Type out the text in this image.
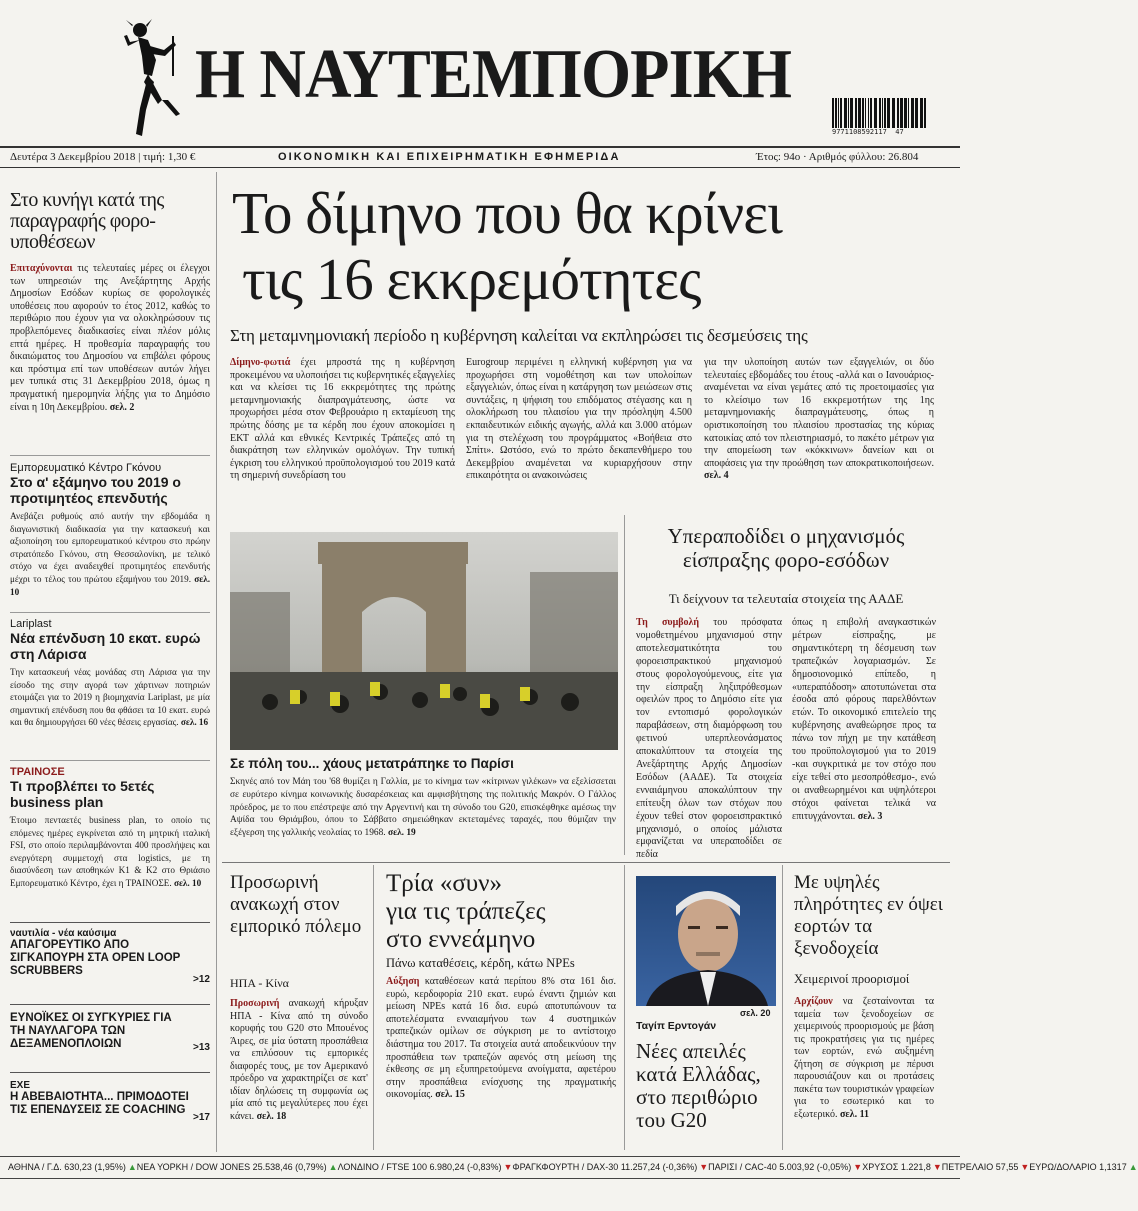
Η ΝΑΥΤΕΜΠΟΡΙΚΗ
9771108592117 47
Δευτέρα 3 Δεκεμβρίου 2018 | τιμή: 1,30 €	ΟΙΚΟΝΟΜΙΚΗ ΚΑΙ ΕΠΙΧΕΙΡΗΜΑΤΙΚΗ ΕΦΗΜΕΡΙΔΑ	Έτος: 94ο · Αριθμός φύλλου: 26.804
Στο κυνήγι κατά της παραγραφής φορο-υποθέσεων

Επιταχύνονται τις τελευταίες μέρες οι έλεγχοι των υπηρεσιών της Ανεξάρτητης Αρχής Δημοσίων Εσόδων κυρίως σε φορολογικές υποθέσεις που αφορούν το έτος 2012, καθώς το περιθώριο που έχουν για να ολοκληρώσουν τις προβλεπόμενες διαδικασίες είναι πλέον μόλις επτά ημέρες. Η προθεσμία παραγραφής του δικαιώματος του Δημοσίου να επιβάλει φόρους και πρόστιμα επί των υποθέσεων αυτών λήγει μεν τυπικά στις 31 Δεκεμβρίου 2018, όμως η πραγματική ημερομηνία λήξης για το Δημόσιο είναι η 10η Δεκεμβρίου. σελ. 2

Εμπορευματικό Κέντρο Γκόνου
Στο α' εξάμηνο του 2019 ο προτιμητέος επενδυτής

Ανεβάζει ρυθμούς από αυτήν την εβδομάδα η διαγωνιστική διαδικασία για την κατασκευή και αξιοποίηση του εμπορευματικού κέντρου στο πρώην στρατόπεδο Γκόνου, στη Θεσσαλονίκη, με τελικό στόχο να έχει αναδειχθεί προτιμητέος επενδυτής μέχρι το τέλος του πρώτου εξαμήνου του 2019. σελ. 10

Lariplast
Νέα επένδυση 10 εκατ. ευρώ στη Λάρισα

Την κατασκευή νέας μονάδας στη Λάρισα για την είσοδο της στην αγορά των χάρτινων ποτηριών ετοιμάζει για το 2019 η βιομηχανία Lariplast, με μία σημαντική επένδυση που θα φθάσει τα 10 εκατ. ευρώ και θα δημιουργήσει 60 νέες θέσεις εργασίας. σελ. 16

ΤΡΑΙΝΟΣΕ
Τι προβλέπει το 5ετές business plan

Έτοιμο πενταετές business plan, το οποίο τις επόμενες ημέρες εγκρίνεται από τη μητρική ιταλική FSI, στο οποίο περιλαμβάνονται 400 προσλήψεις και ενεργότερη συμμετοχή στα logistics, με τη διασύνδεση των αποθηκών Κ1 & Κ2 στο Θριάσιο Εμπορευματικό Κέντρο, έχει η ΤΡΑΙΝΟΣΕ. σελ. 10

ναυτιλία - νέα καύσιμα
ΑΠΑΓΟΡΕΥΤΙΚΟ ΑΠΟ ΣΙΓΚΑΠΟΥΡΗ ΣΤΑ OPEN LOOP SCRUBBERS
>12
ΕΥΝΟΪΚΕΣ ΟΙ ΣΥΓΚΥΡΙΕΣ ΓΙΑ ΤΗ ΝΑΥΛΑΓΟΡΑ ΤΩΝ ΔΕΞΑΜΕΝΟΠΛΟΙΩΝ	>13
ΕΧΕ
Η ΑΒΕΒΑΙΟΤΗΤΑ... ΠΡΙΜΟΔΟΤΕΙ ΤΙΣ ΕΠΕΝΔΥΣΕΙΣ ΣΕ COACHING
>17
Το δίμηνο που θα κρίνει
τις 16 εκκρεμότητες
Στη μεταμνημονιακή περίοδο η κυβέρνηση καλείται να εκπληρώσει τις δεσμεύσεις της

Δίμηνο-φωτιά έχει μπροστά της η κυβέρνηση προκειμένου να υλοποιήσει τις κυβερνητικές εξαγγελίες και να κλείσει τις 16 εκκρεμότητες της πρώτης μεταμνημονιακής διαπραγμάτευσης, ώστε να προχωρήσει μέσα στον Φεβρουάριο η εκταμίευση της πρώτης δόσης με τα κέρδη που έχουν αποκομίσει η ΕΚΤ αλλά και εθνικές Κεντρικές Τράπεζες από τη διακράτηση των ελληνικών ομολόγων. Την τυπική έγκριση του ελληνικού προϋπολογισμού του 2019 κατά τη σημερινή συνεδρίαση του

Eurogroup περιμένει η ελληνική κυβέρνηση για να προχωρήσει στη νομοθέτηση και των υπολοίπων εξαγγελιών, όπως είναι η κατάργηση των μειώσεων στις συντάξεις, η ψήφιση του επιδόματος στέγασης και η ολοκλήρωση του πλαισίου για την πρόσληψη 4.500 εκπαιδευτικών ειδικής αγωγής, αλλά και 3.000 ατόμων για τη στελέχωση του προγράμματος «Βοήθεια στο Σπίτι». Ωστόσο, ενώ το πρώτο δεκαπενθήμερο του Δεκεμβρίου αναμένεται να κυριαρχήσουν στην επικαιρότητα οι ανακοινώσεις

για την υλοποίηση αυτών των εξαγγελιών, οι δύο τελευταίες εβδομάδες του έτους -αλλά και ο Ιανουάριος- αναμένεται να είναι γεμάτες από τις προετοιμασίες για το κλείσιμο των 16 εκκρεμοτήτων της 1ης μεταμνημονιακής διαπραγμάτευσης, όπως η οριστικοποίηση του πλαισίου προστασίας της κύριας κατοικίας από τον πλειστηριασμό, το πακέτο μέτρων για την απομείωση των «κόκκινων» δανείων και οι αποφάσεις για την προώθηση των αποκρατικοποιήσεων. σελ. 4

Σε πόλη του... χάους μετατράπηκε το Παρίσι

Σκηνές από τον Μάη του '68 θυμίζει η Γαλλία, με το κίνημα των «κίτρινων γιλέκων» να εξελίσσεται σε ευρύτερο κίνημα κοινωνικής δυσαρέσκειας και αμφισβήτησης της πολιτικής Μακρόν. Ο Γάλλος πρόεδρος, με το που επέστρεψε από την Αργεντινή και τη σύνοδο του G20, επισκέφθηκε αμέσως την Αψίδα του Θριάμβου, όπου το Σάββατο σημειώθηκαν εκτεταμένες ταραχές, που θύμιζαν την εξέγερση της γαλλικής νεολαίας το 1968. σελ. 19

Υπεραποδίδει ο μηχανισμός
είσπραξης φορο-εσόδων
Τι δείχνουν τα τελευταία στοιχεία της ΑΑΔΕ

Τη συμβολή του πρόσφατα νομοθετημένου μηχανισμού στην αποτελεσματικότητα του φοροεισπρακτικού μηχανισμού στους φορολογούμενους, είτε για την είσπραξη ληξιπρόθεσμων οφειλών προς το Δημόσιο είτε για τον εντοπισμό φορολογικών παραβάσεων, στη διαμόρφωση του φετινού υπερπλεονάσματος αποκαλύπτουν τα στοιχεία της Ανεξάρτητης Αρχής Δημοσίων Εσόδων (ΑΑΔΕ). Τα στοιχεία ενναιάμηνου αποκαλύπτουν την επίτευξη όλων των στόχων που έχουν τεθεί στον φοροεισπρακτικό μηχανισμό, ο οποίος μάλιστα εμφανίζεται να υπεραποδίδει σε πεδία

όπως η επιβολή αναγκαστικών μέτρων είσπραξης, με σημαντικότερη τη δέσμευση των τραπεζικών λογαριασμών. Σε δημοσιονομικό επίπεδο, η «υπεραπόδοση» αποτυπώνεται στα έσοδα από φόρους παρελθόντων ετών. Το οικονομικό επιτελείο της κυβέρνησης αναθεώρησε προς τα πάνω τον πήχη με την κατάθεση του προϋπολογισμού για το 2019 -και συγκριτικά με τον στόχο που είχε τεθεί στο μεσοπρόθεσμο-, ενώ οι αναθεωρημένοι και υψηλότεροι στόχοι φαίνεται τελικά να επιτυγχάνονται. σελ. 3

Προσωρινή ανακωχή στον εμπορικό πόλεμο
ΗΠΑ - Κίνα

Προσωρινή ανακωχή κήρυξαν ΗΠΑ - Κίνα από τη σύνοδο κορυφής του G20 στο Μπουένος Άιρες, σε μία ύστατη προσπάθεια να επιλύσουν τις εμπορικές διαφορές τους, με τον Αμερικανό πρόεδρο να χαρακτηρίζει σε κατ' ιδίαν δηλώσεις τη συμφωνία ως μία από τις μεγαλύτερες που έχει κάνει. σελ. 18

Τρία «συν»
για τις τράπεζες
στο εννεάμηνο
Πάνω καταθέσεις, κέρδη, κάτω NPEs

Αύξηση καταθέσεων κατά περίπου 8% στα 161 δισ. ευρώ, κερδοφορία 210 εκατ. ευρώ έναντι ζημιών και μείωση NPEs κατά 16 δισ. ευρώ αποτυπώνουν τα αποτελέσματα ενναιαμήνου των 4 συστημικών τραπεζικών ομίλων σε σύγκριση με το αντίστοιχο διάστημα του 2017. Τα στοιχεία αυτά αποδεικνύουν την προσπάθεια των τραπεζών αφενός στη μείωση της έκθεσης σε μη εξυπηρετούμενα ανοίγματα, αφετέρου στην προσπάθεια ενίσχυσης της πραγματικής οικονομίας. σελ. 15

σελ. 20
Ταγίπ Ερντογάν
Νέες απειλές κατά Ελλάδας, στο περιθώριο του G20
Με υψηλές πληρότητες εν όψει εορτών τα ξενοδοχεία
Χειμερινοί προορισμοί

Αρχίζουν να ζεσταίνονται τα ταμεία των ξενοδοχείων σε χειμερινούς προορισμούς με βάση τις προκρατήσεις για τις ημέρες των εορτών, ενώ αυξημένη ζήτηση σε σύγκριση με πέρυσι παρουσιάζουν και οι προτάσεις πακέτα των τουριστικών γραφείων για το εσωτερικό και το εξωτερικό. σελ. 11

ΑΘΗΝΑ / Γ.Δ. 630,23 (1,95%) ▲ ΝΕΑ ΥΟΡΚΗ / DOW JONES 25.538,46 (0,79%) ▲ ΛΟΝΔΙΝΟ / FTSE 100 6.980,24 (-0,83%) ▼ ΦΡΑΓΚΦΟΥΡΤΗ / DAX-30 11.257,24 (-0,36%) ▼ ΠΑΡΙΣΙ / CAC-40 5.003,92 (-0,05%) ▼ ΧΡΥΣΟΣ 1.221,8 ▼ ΠΕΤΡΕΛΑΙΟ 57,55 ▼ ΕΥΡΩ/ΔΟΛΑΡΙΟ 1,1317 ▲
